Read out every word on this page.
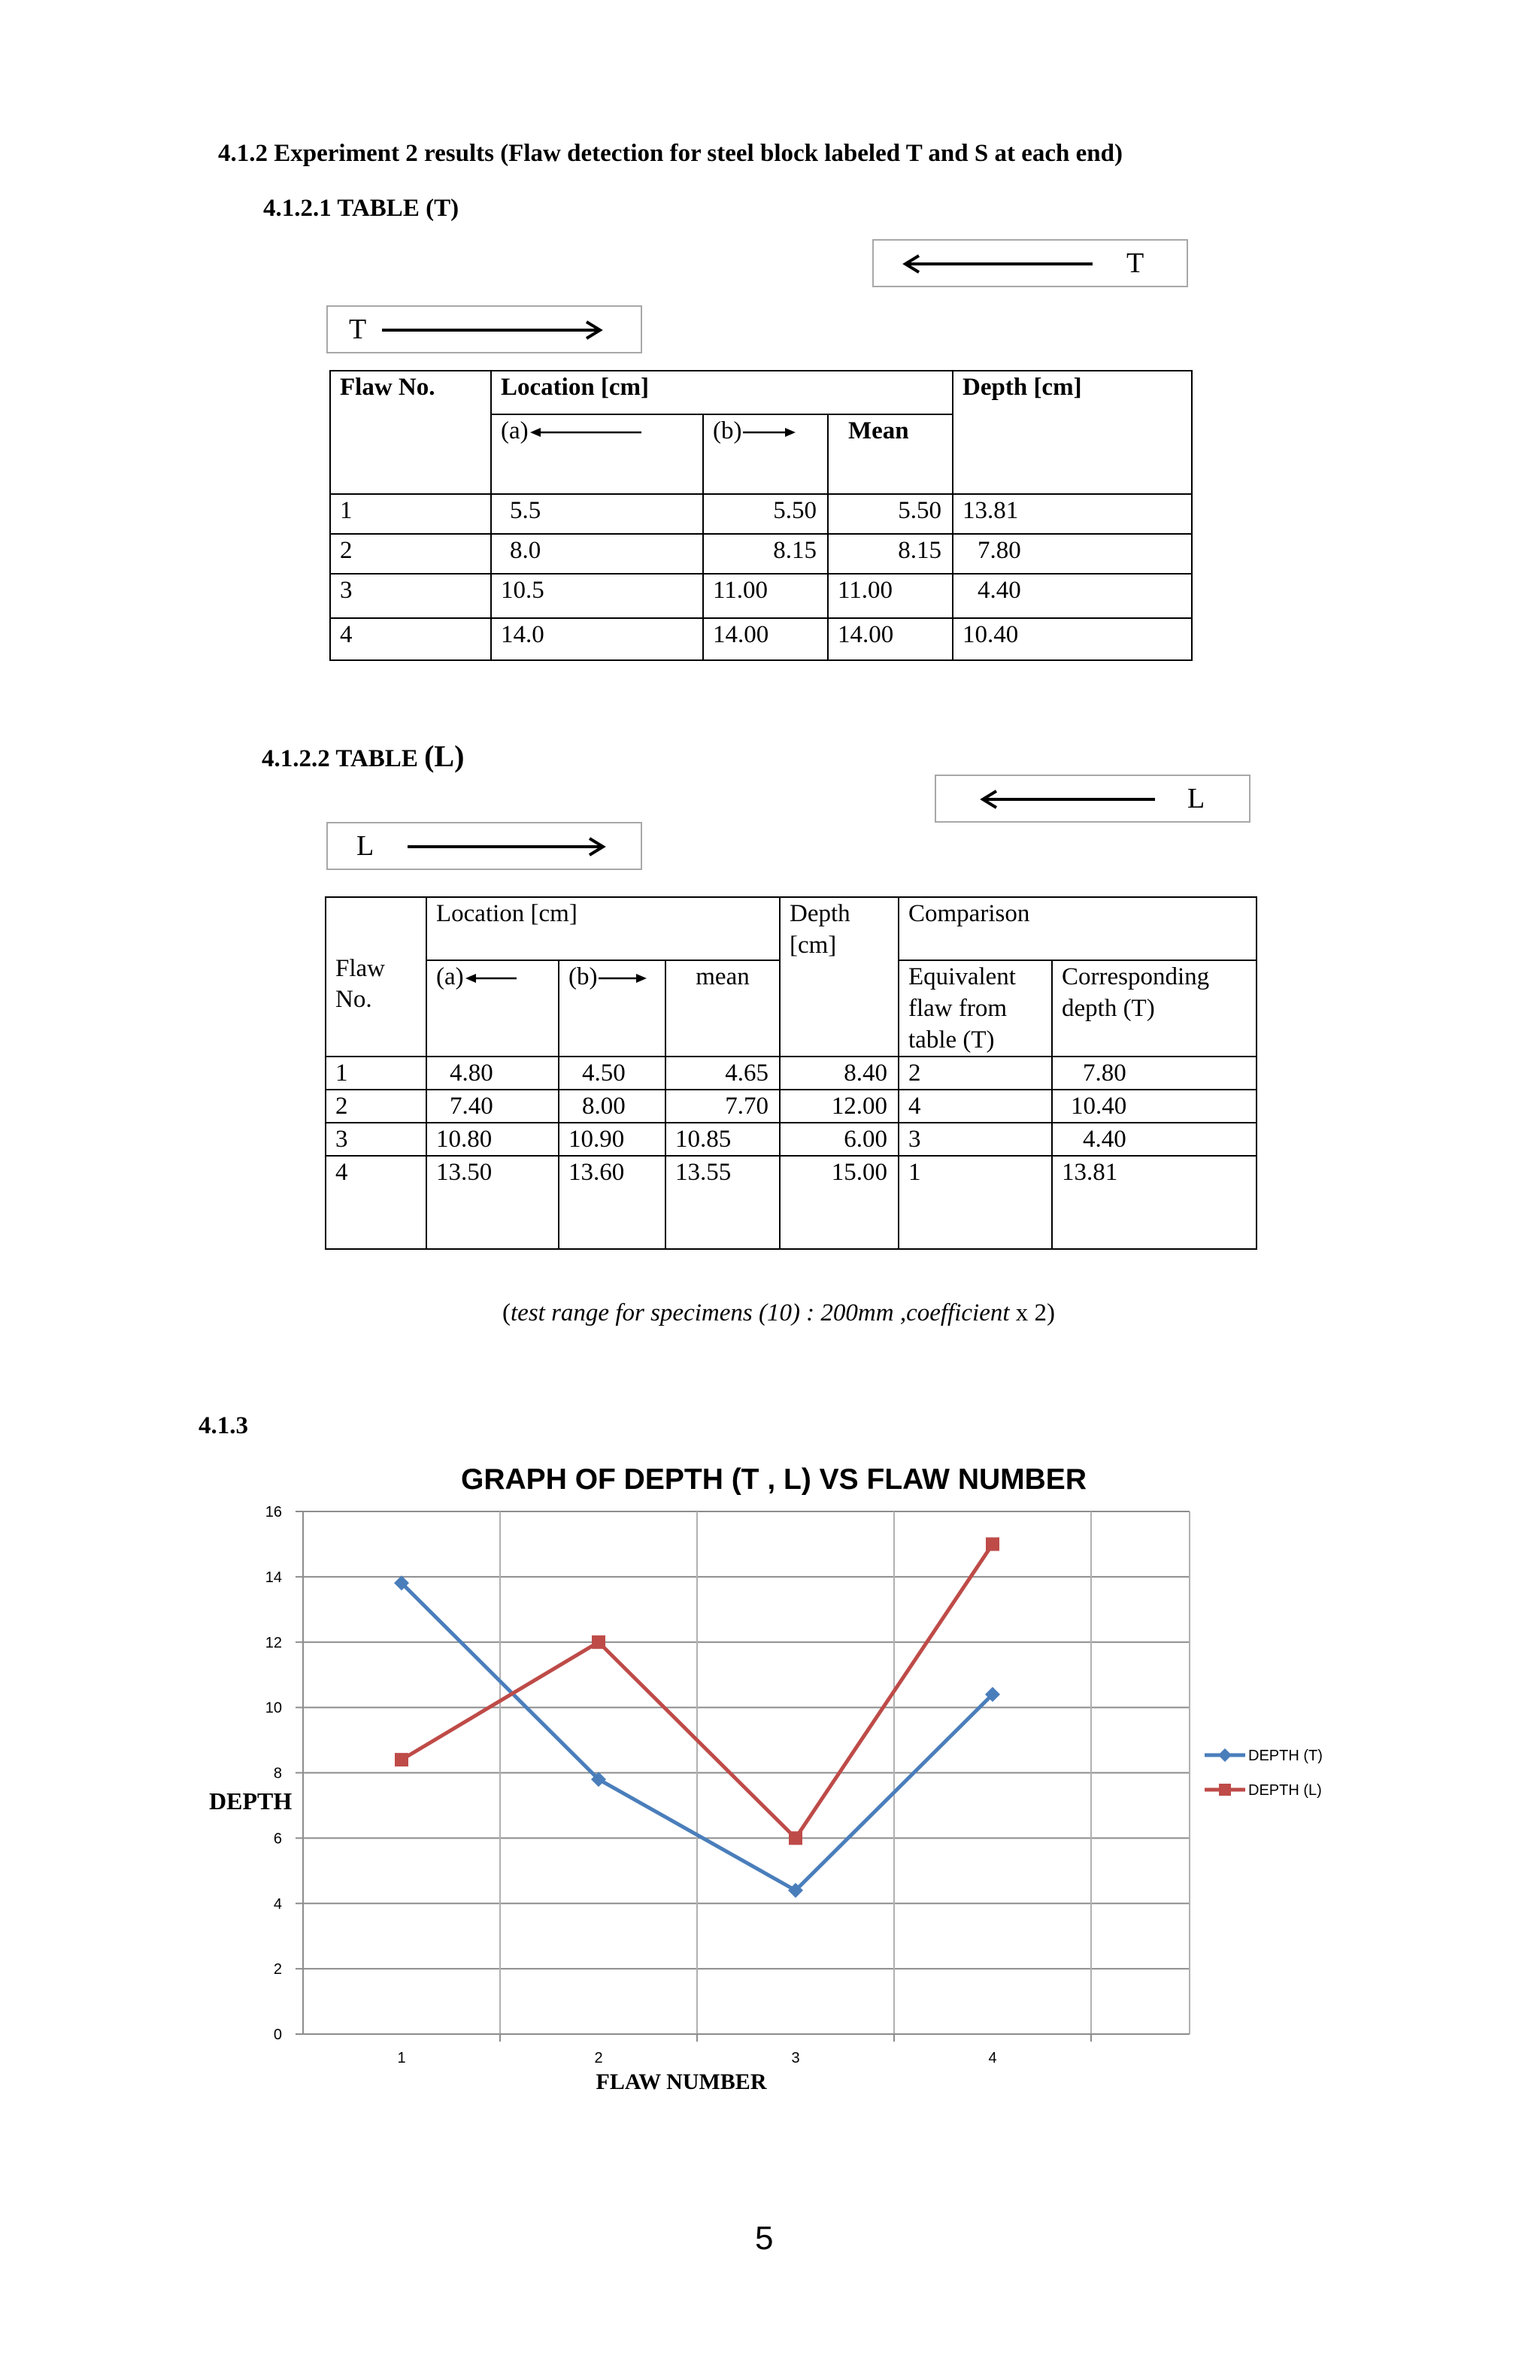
4.1.2 Experiment 2 results (Flaw detection for steel block labeled T and S at each end)
4.1.2.1 TABLE (T)
T
T
Flaw No.	Location [cm]			Depth [cm]
	(a)	(b)	Mean	
1	5.5	5.50	5.50	13.81
2	8.0	8.15	8.15	7.80
3	10.5	11.00	11.00	4.40
4	14.0	14.00	14.00	10.40
4.1.2.2 TABLE (L)
L
L
Flaw No.	Location [cm]			Depth [cm]	Comparison	
	(a)	(b)	mean		Equivalent flaw from table (T)	Corresponding depth (T)

1	4.80	4.50	4.65	8.40	2	7.80
2	7.40	8.00	7.70	12.00	4	10.40
3	10.80	10.90	10.85	6.00	3	4.40
4	13.50	13.60	13.55	15.00	1	13.81
(test range for specimens (10) : 200mm ,coefficient x 2)
4.1.3
GRAPH OF DEPTH (T , L) VS FLAW NUMBER
0
2
4
6
8
10
12
14
16
1	2	3	4
DEPTH (T)
DEPTH (L)
DEPTH
FLAW NUMBER
5
